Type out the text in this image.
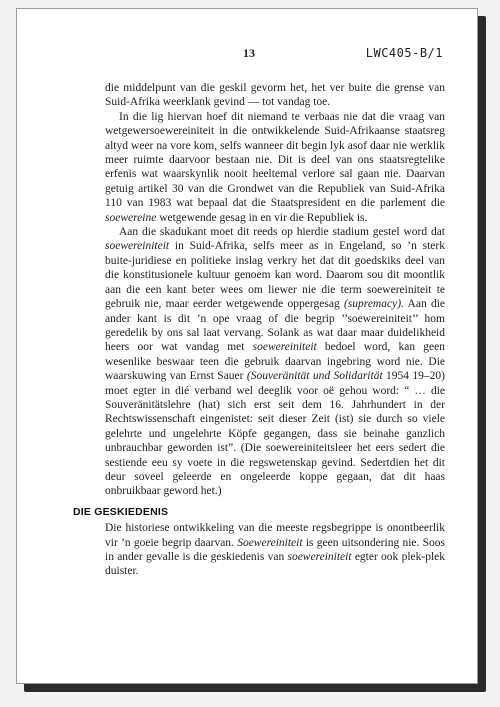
13	LWC405-B/1

die middelpunt van die geskil gevorm het, het ver buite die grense van Suid-Afrika weerklank gevind — tot vandag toe.

In die lig hiervan hoef dit niemand te verbaas nie dat die vraag van wetgewersoewereiniteit in die ontwikkelende Suid-Afrikaanse staatsreg altyd weer na vore kom, selfs wanneer dit begin lyk asof daar nie werklik meer ruimte daarvoor bestaan nie. Dit is deel van ons staatsregtelike erfenis wat waarskynlik nooit heeltemal verlore sal gaan nie. Daarvan getuig artikel 30 van die Grondwet van die Republiek van Suid-Afrika 110 van 1983 wat bepaal dat die Staatspresident en die parlement die soewereine wetgewende gesag in en vir die Republiek is.

Aan die skadukant moet dit reeds op hierdie stadium gestel word dat soewereiniteit in Suid-Afrika, selfs meer as in Engeland, so ’n sterk buite-juridiese en politieke inslag verkry het dat dit goedskiks deel van die konstitusionele kultuur genoem kan word. Daarom sou dit moontlik aan die een kant beter wees om liewer nie die term soewereiniteit te gebruik nie, maar eerder wetgewende oppergesag (supremacy). Aan die ander kant is dit ’n ope vraag of die begrip ’’soewereiniteit’’ hom geredelik by ons sal laat vervang. Solank as wat daar maar duidelikheid heers oor wat vandag met soewereiniteit bedoel word, kan geen wesenlike beswaar teen die gebruik daarvan ingebring word nie. Die waarskuwing van Ernst Sauer (Souveränität und Solidarität 1954 19–20) moet egter in dié verband wel deeglik voor oë gehou word: “ … die Souveränitätslehre (hat) sich erst seit dem 16. Jahrhundert in der Rechtswissenschaft eingenistet: seit dieser Zeit (ist) sie durch so viele gelehrte und ungelehrte Köpfe gegangen, dass sie beinahe ganzlich unbrauchbar geworden ist”. (Die soewereiniteitsleer het eers sedert die sestiende eeu sy voete in die regswetenskap gevind. Sedertdien het dit deur soveel geleerde en ongeleerde koppe gegaan, dat dit haas onbruikbaar geword het.)

DIE GESKIEDENIS

Die historiese ontwikkeling van die meeste regsbegrippe is onontbeerlik vir ’n goeie begrip daarvan. Soewereiniteit is geen uitsondering nie. Soos in ander gevalle is die geskiedenis van soewereiniteit egter ook plek-plek duister.
